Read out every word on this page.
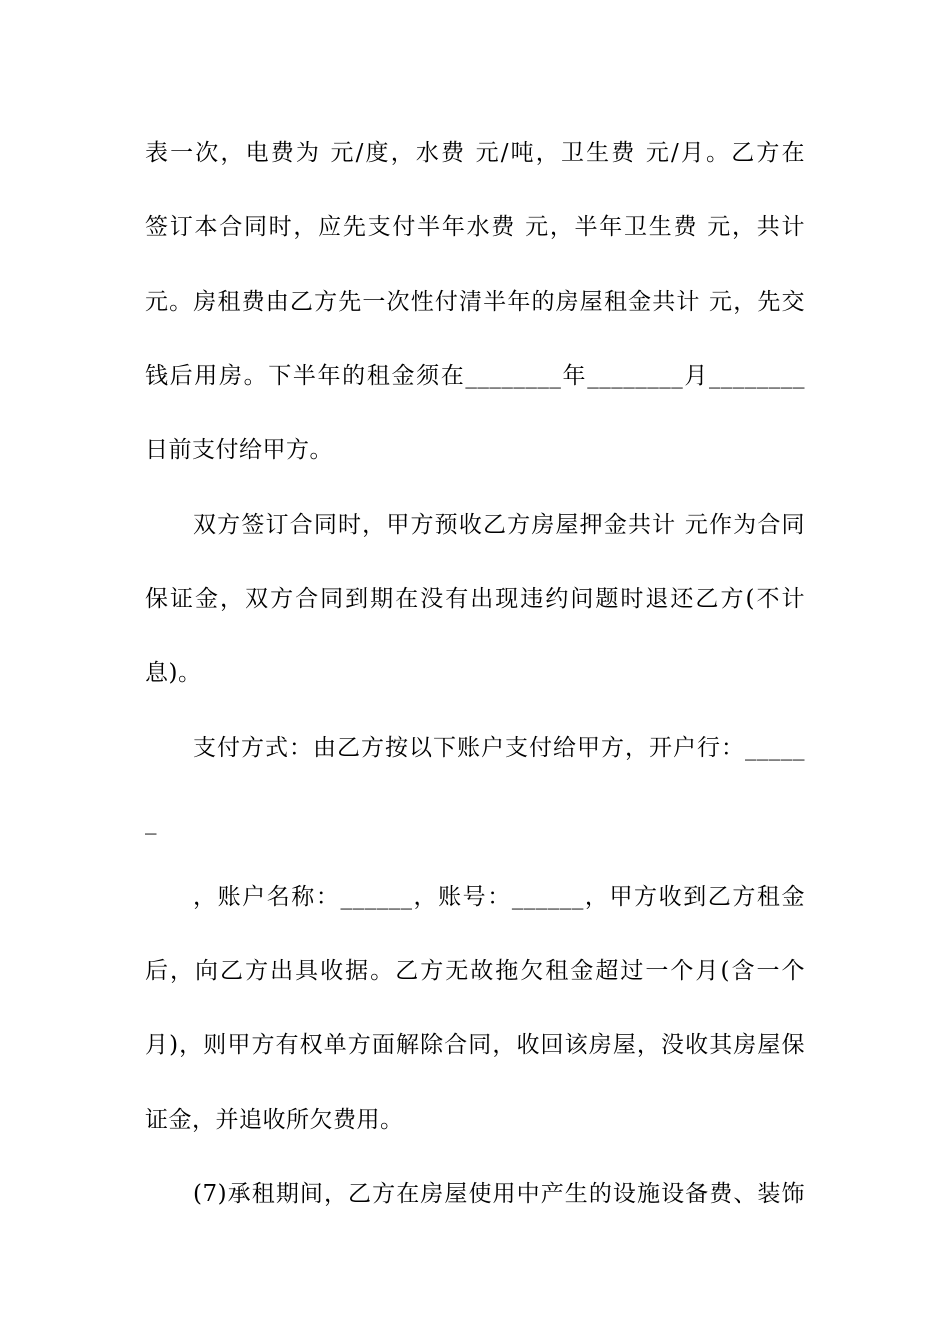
表一次，电费为 元/度，水费 元/吨，卫生费 元/月。乙方在
签订本合同时，应先支付半年水费 元，半年卫生费 元，共计
元。房租费由乙方先一次性付清半年的房屋租金共计 元，先交
钱后用房。下半年的租金须在________年________月________
日前支付给甲方。
双方签订合同时，甲方预收乙方房屋押金共计 元作为合同
保证金，双方合同到期在没有出现违约问题时退还乙方(不计
息)。
支付方式：由乙方按以下账户支付给甲方，开户行：_____
_
，账户名称：______，账号：______，甲方收到乙方租金
后，向乙方出具收据。乙方无故拖欠租金超过一个月(含一个
月)，则甲方有权单方面解除合同，收回该房屋，没收其房屋保
证金，并追收所欠费用。
(7)承租期间，乙方在房屋使用中产生的设施设备费、装饰
